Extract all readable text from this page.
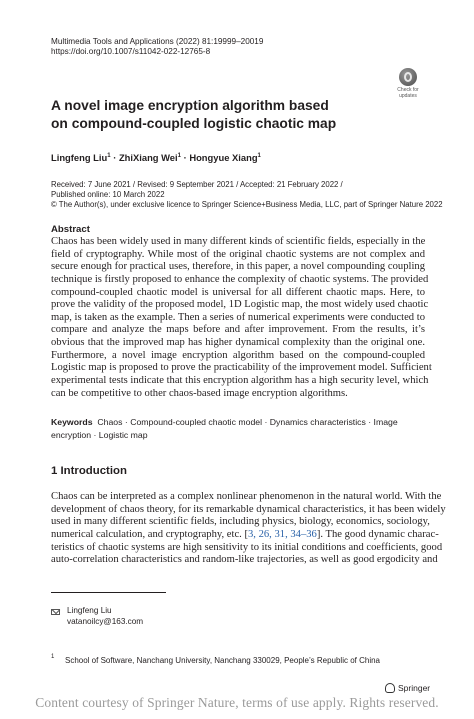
Multimedia Tools and Applications (2022) 81:19999–20019
https://doi.org/10.1007/s11042-022-12765-8
Check for
updates
A novel image encryption algorithm based
on compound-coupled logistic chaotic map
Lingfeng Liu$^1$ · ZhiXiang Wei$^1$ · Hongyue Xiang$^1$
Received: 7 June 2021 / Revised: 9 September 2021 / Accepted: 21 February 2022 /
Published online: 10 March 2022
© The Author(s), under exclusive licence to Springer Science+Business Media, LLC, part of Springer Nature 2022
Abstract
Chaos has been widely used in many different kinds of scientific fields, especially in the
field of cryptography. While most of the original chaotic systems are not complex and
secure enough for practical uses, therefore, in this paper, a novel compounding coupling
technique is firstly proposed to enhance the complexity of chaotic systems. The provided
compound-coupled chaotic model is universal for all different chaotic maps. Here, to
prove the validity of the proposed model, 1D Logistic map, the most widely used chaotic
map, is taken as the example. Then a series of numerical experiments were conducted to
compare and analyze the maps before and after improvement. From the results, it’s
obvious that the improved map has higher dynamical complexity than the original one.
Furthermore, a novel image encryption algorithm based on the compound-coupled
Logistic map is proposed to prove the practicability of the improvement model. Sufficient
experimental tests indicate that this encryption algorithm has a high security level, which
can be competitive to other chaos-based image encryption algorithms.
Keywords Chaos · Compound-coupled chaotic model · Dynamics characteristics · Image
encryption · Logistic map
1 Introduction
Chaos can be interpreted as a complex nonlinear phenomenon in the natural world. With the
development of chaos theory, for its remarkable dynamical characteristics, it has been widely
used in many different scientific fields, including physics, biology, economics, sociology,
numerical calculation, and cryptography, etc. [3, 26, 31, 34–36]. The good dynamic charac-
teristics of chaotic systems are high sensitivity to its initial conditions and coefficients, good
auto-correlation characteristics and random-like trajectories, as well as good ergodicity and
Lingfeng Liu
vatanoilcy@163.com
1 School of Software, Nanchang University, Nanchang 330029, People’s Republic of China
Springer
Content courtesy of Springer Nature, terms of use apply. Rights reserved.
